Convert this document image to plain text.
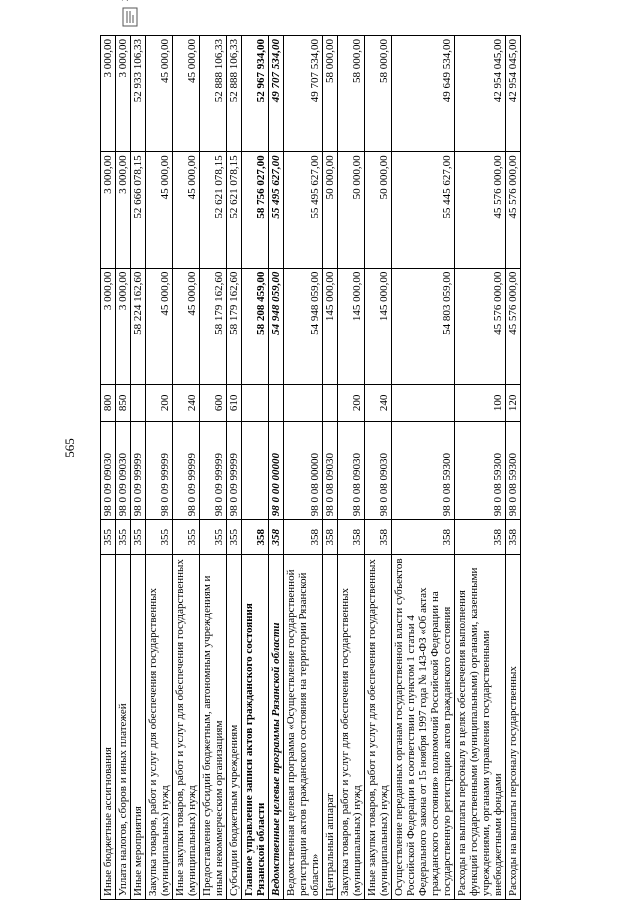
565
Иные бюджетные ассигнования	355	98 0 09 09030	800	3 000,00	3 000,00	3 000,00
Уплата налогов, сборов и иных платежей	355	98 0 09 09030	850	3 000,00	3 000,00	3 000,00
Иные мероприятия	355	98 0 09 99999		58 224 162,60	52 666 078,15	52 933 106,33
Закупка товаров, работ и услуг для обеспечения государственных (муниципальных) нужд	355	98 0 09 99999	200	45 000,00	45 000,00	45 000,00
Иные закупки товаров, работ и услуг для обеспечения государственных (муниципальных) нужд	355	98 0 09 99999	240	45 000,00	45 000,00	45 000,00
Предоставление субсидий бюджетным, автономным учреждениям и иным некоммерческим организациям	355	98 0 09 99999	600	58 179 162,60	52 621 078,15	52 888 106,33
Субсидии бюджетным учреждениям	355	98 0 09 99999	610	58 179 162,60	52 621 078,15	52 888 106,33
Главное управление записи актов гражданского состояния Рязанской области	358			58 208 459,00	58 756 027,00	52 967 934,00
Ведомственные целевые программы Рязанской области	358	98 0 00 00000		54 948 059,00	55 495 627,00	49 707 534,00
Ведомственная целевая программа «Осуществление государственной регистрации актов гражданского состояния на территории Рязанской области»	358	98 0 08 00000		54 948 059,00	55 495 627,00	49 707 534,00
Центральный аппарат	358	98 0 08 09030		145 000,00	50 000,00	58 000,00
Закупка товаров, работ и услуг для обеспечения государственных (муниципальных) нужд	358	98 0 08 09030	200	145 000,00	50 000,00	58 000,00
Иные закупки товаров, работ и услуг для обеспечения государственных (муниципальных) нужд	358	98 0 08 09030	240	145 000,00	50 000,00	58 000,00
Осуществление переданных органам государственной власти субъектов Российской Федерации в соответствии с пунктом 1 статьи 4 Федерального закона от 15 ноября 1997 года № 143-ФЗ «Об актах гражданского состояния» полномочий Российской Федерации на государственную регистрацию актов гражданского состояния	358	98 0 08 59300		54 803 059,00	55 445 627,00	49 649 534,00
Расходы на выплаты персоналу в целях обеспечения выполнения функций государственными (муниципальными) органами, казенными учреждениями, органами управления государственными внебюджетными фондами	358	98 0 08 59300	100	45 576 000,00	45 576 000,00	42 954 045,00
Расходы на выплаты персоналу государственных	358	98 0 08 59300	120	45 576 000,00	45 576 000,00	42 954 045,00
